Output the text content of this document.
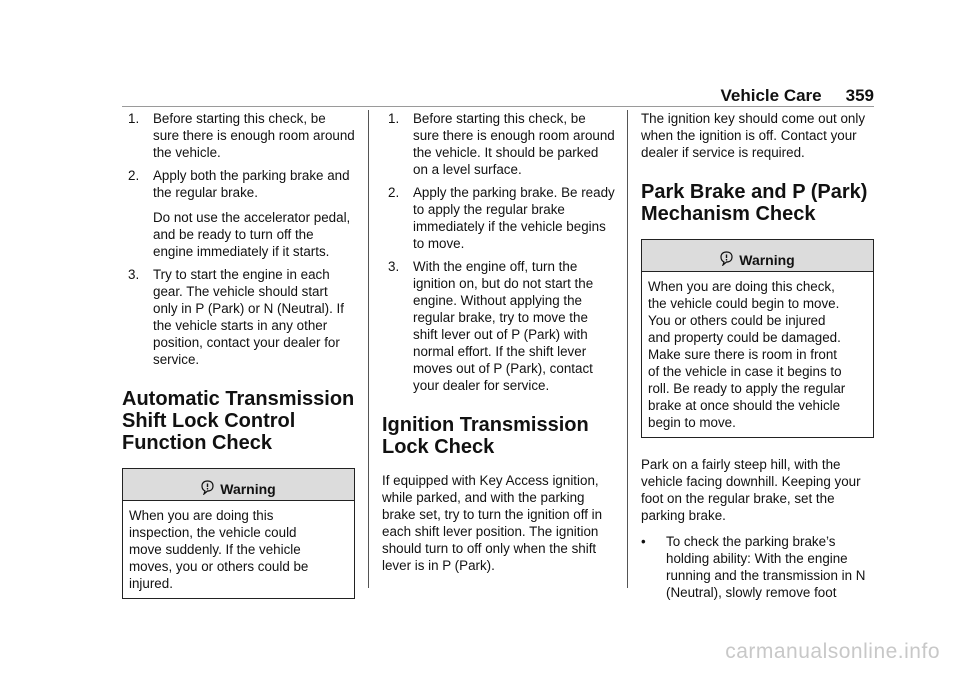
Vehicle Care 359
1. Before starting this check, be sure there is enough room around the vehicle.
2. Apply both the parking brake and the regular brake.

Do not use the accelerator pedal, and be ready to turn off the engine immediately if it starts.

3. Try to start the engine in each gear. The vehicle should start only in P (Park) or N (Neutral). If the vehicle starts in any other position, contact your dealer for service.
Automatic Transmission Shift Lock Control Function Check
Warning
When you are doing this
inspection, the vehicle could
move suddenly. If the vehicle
moves, you or others could be
injured.
1. Before starting this check, be sure there is enough room around the vehicle. It should be parked on a level surface.
2. Apply the parking brake. Be ready to apply the regular brake immediately if the vehicle begins to move.
3. With the engine off, turn the ignition on, but do not start the engine. Without applying the regular brake, try to move the shift lever out of P (Park) with normal effort. If the shift lever moves out of P (Park), contact your dealer for service.
Ignition Transmission Lock Check

If equipped with Key Access ignition, while parked, and with the parking brake set, try to turn the ignition off in each shift lever position. The ignition should turn to off only when the shift lever is in P (Park).

The ignition key should come out only when the ignition is off. Contact your dealer if service is required.

Park Brake and P (Park) Mechanism Check
Warning
When you are doing this check,
the vehicle could begin to move.
You or others could be injured
and property could be damaged.
Make sure there is room in front
of the vehicle in case it begins to
roll. Be ready to apply the regular
brake at once should the vehicle
begin to move.

Park on a fairly steep hill, with the vehicle facing downhill. Keeping your foot on the regular brake, set the parking brake.

• To check the parking brake’s holding ability: With the engine running and the transmission in N (Neutral), slowly remove foot
carmanualsonline.info
